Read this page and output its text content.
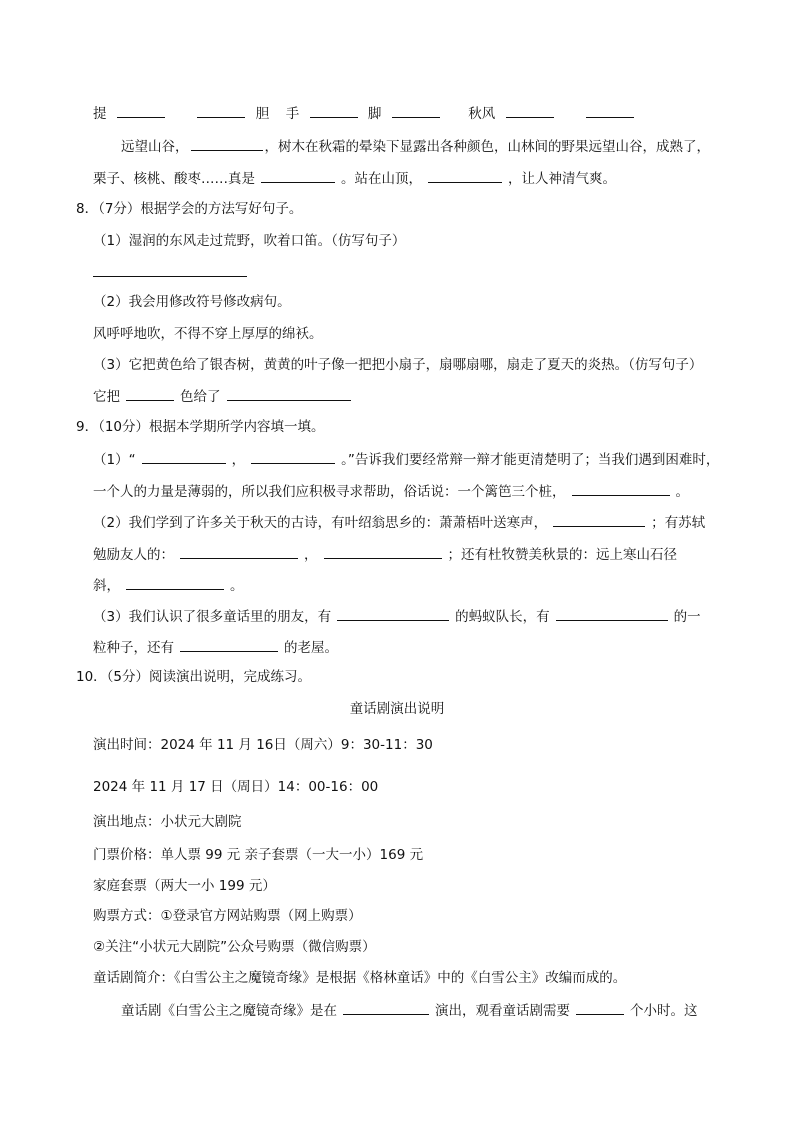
提	胆 手	脚	秋风
远望山谷，	，树木在秋霜的晕染下显露出各种颜色，山林间的野果远望山谷，成熟了，
栗子、核桃、酸枣……真是	。站在山顶，	，让人神清气爽。
8．（7分）根据学会的方法写好句子。
（1）湿润的东风走过荒野，吹着口笛。（仿写句子）
（2）我会用修改符号修改病句。
风呼呼地吹，不得不穿上厚厚的绵袄。
（3）它把黄色给了银杏树，黄黄的叶子像一把把小扇子，扇哪扇哪，扇走了夏天的炎热。（仿写句子）
它把	色给了
9．（10分）根据本学期所学内容填一填。
（1）“	，	。”告诉我们要经常辩一辩才能更清楚明了；当我们遇到困难时，
一个人的力量是薄弱的，所以我们应积极寻求帮助，俗话说：一个篱笆三个桩，	。
（2）我们学到了许多关于秋天的古诗，有叶绍翁思乡的：萧萧梧叶送寒声，	；有苏轼
勉励友人的：	，	；还有杜牧赞美秋景的：远上寒山石径
斜，	。
（3）我们认识了很多童话里的朋友，有	的蚂蚁队长，有	的一
粒种子，还有	的老屋。
10．（5分）阅读演出说明，完成练习。
童话剧演出说明
演出时间：2024 年 11 月 16日（周六）9：30-11：30
2024 年 11 月 17 日（周日）14：00-16：00
演出地点：小状元大剧院
门票价格：单人票 99 元 亲子套票（一大一小）169 元
家庭套票（两大一小 199 元）
购票方式：①登录官方网站购票（网上购票）
②关注“小状元大剧院”公众号购票（微信购票）
童话剧简介：《白雪公主之魔镜奇缘》是根据《格林童话》中的《白雪公主》改编而成的。
童话剧《白雪公主之魔镜奇缘》是在	演出，观看童话剧需要	个小时。这
